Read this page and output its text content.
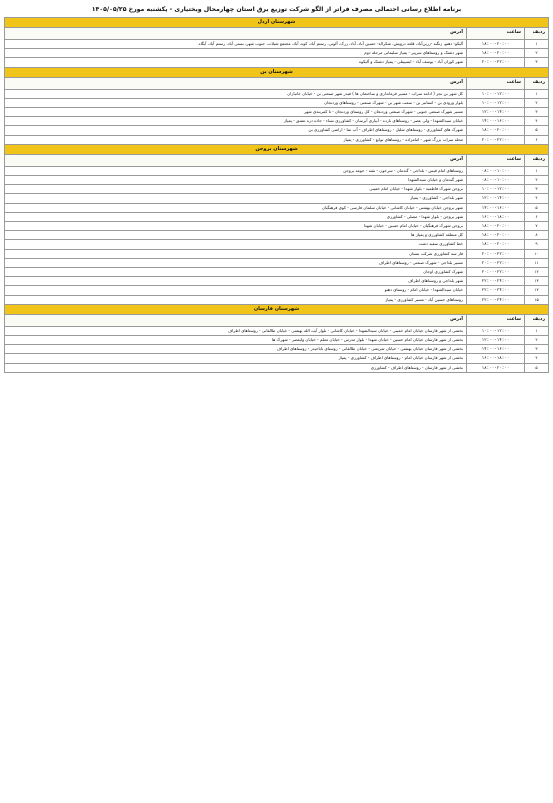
برنامه اطلاع رسانی احتمالی مصرف فراتر از الگو شرکت توزیع برق استان چهارمحال وبختیاری - یکشنبه مورخ ۱۴۰۵/۰۵/۲۵
شهرستان اردل		
ردیف	ساعت	آدرس
۱	۱۸:۰۰-۲۰:۰۰	آلیکو- دهنو، زنگنه -زرین‌آباد، قلعه درویش، شکراله- حسین آباد، آباد، زرک، آلونی، رستم آباد، کوه، آباد، مجتمع شیلات، جنوب شهر، بستی آباد، رستم آباد، آبگاه
۲	۱۸:۰۰-۲۰:۰۰	شهر دشتک و روستاهای سرپیر - پمپاژ سلیمانی مرحله دوم
۳	۲۰:۰۰-۲۲:۰۰	شهر کوران آباد - یوسف آباد - ایسپیتلی - پمپاژ دشتک و آلیکوه
شهرستان بن		
ردیف	ساعت	آدرس
۱	۱۰:۰۰-۱۲:۰۰	کل شهر بن بجز ( ادامه سراب - مسیر فرمانداری و ساختمان ها ) فیدر شهر صنعتی بن - خیابان جانبازان
۲	۱۰:۰۰-۱۲:۰۰	بلوار ورودی بن - استانبر بن - سمت شهر بن - شهرک صنعتی - روستاهای وردنجان
۳	۱۲:۰۰-۱۴:۰۰	مسیر شهرک صنعتی جنوبی - شهرک صنعتی وردنجان - کل روستای وردنجان - تا کمربندی شهر
۴	۱۴:۰۰-۱۶:۰۰	خیابان سیدالشهدا - ولی عصر - روستاهای بارده - آبیاری آبرسان - کشاورزی نساء - جاده دره عشق - پمپاژ
۵	۱۸:۰۰-۲۰:۰۰	شهرک های کشاورزی - روستاهای شلیل - روستاهای اطراف - آب نما - اراضی کشاورزی بن
۶	۲۰:۰۰-۲۲:۰۰	محله سراب بزرگ شهر - امامزاده - روستاهای توابع - کشاورزی - پمپاژ
شهرستان بروجن		
ردیف	ساعت	آدرس
۱	۰۸:۰۰-۱۰:۰۰	روستاهای امام قیس - بلداجی - گندمان - سرخون - نقنه - حومه بروجن
۲	۰۸:۰۰-۱۰:۰۰	شهر گندمان و خیابان سیدالشهدا
۳	۱۰:۰۰-۱۲:۰۰	بروجن شهرک فاطمیه - بلوار شهدا - خیابان امام خمینی
۴	۱۲:۰۰-۱۴:۰۰	شهر بلداجی - کشاورزی - پمپاژ
۵	۱۴:۰۰-۱۶:۰۰	شهر بروجن خیابان بهشتی - خیابان کاشانی - خیابان سلمان فارسی - کوی فرهنگیان
۶	۱۶:۰۰-۱۸:۰۰	شهر بروجن - بلوار شهدا - مصلی - کشاورزی
۷	۱۸:۰۰-۲۰:۰۰	بروجن شهرک فرهنگیان - خیابان امام حسین - خیابان شهدا
۸	۱۸:۰۰-۲۰:۰۰	کل منطقه کشاورزی و پمپاژ ها
۹	۱۸:۰۰-۲۰:۰۰	خط کشاورزی سفید دشت
۱۰	۲۰:۰۰-۲۲:۰۰	فاز سه کشاورزی شرکت بستان
۱۱	۲۰:۰۰-۲۲:۰۰	مسیر بلداجی - شهرک صنعتی - روستاهای اطراف
۱۲	۲۰:۰۰-۲۲:۰۰	شهرک کشاورزی اوجان
۱۳	۲۲:۰۰-۲۴:۰۰	شهر بلداجی و روستاهای اطراف
۱۴	۲۲:۰۰-۲۴:۰۰	خیابان سیدالشهدا - خیابان امام - روستای دهنو
۱۵	۲۲:۰۰-۲۴:۰۰	روستاهای حسین آباد - مسیر کشاورزی - پمپاژ
شهرستان فارسان		
ردیف	ساعت	آدرس
۱	۱۰:۰۰-۱۲:۰۰	بخشی از شهر فارسان خیابان امام خمینی - خیابان سیدالشهدا - خیابان کاشانی - بلوار آیت الله بهشتی - خیابان طالقانی - روستاهای اطراف
۲	۱۲:۰۰-۱۴:۰۰	بخشی از شهر فارسان خیابان امام حسین - خیابان شهدا - بلوار مدرس - خیابان معلم - خیابان ولیعصر - شهرک ها
۳	۱۴:۰۰-۱۶:۰۰	بخشی از شهر فارسان خیابان بهشتی - خیابان شریعتی - خیابان طالقانی - روستای باباحیدر - روستاهای اطراف
۴	۱۶:۰۰-۱۸:۰۰	بخشی از شهر فارسان خیابان امام - روستاهای اطراف - کشاورزی - پمپاژ
۵	۱۸:۰۰-۲۰:۰۰	بخشی از شهر فارسان - روستاهای اطراف - کشاورزی
